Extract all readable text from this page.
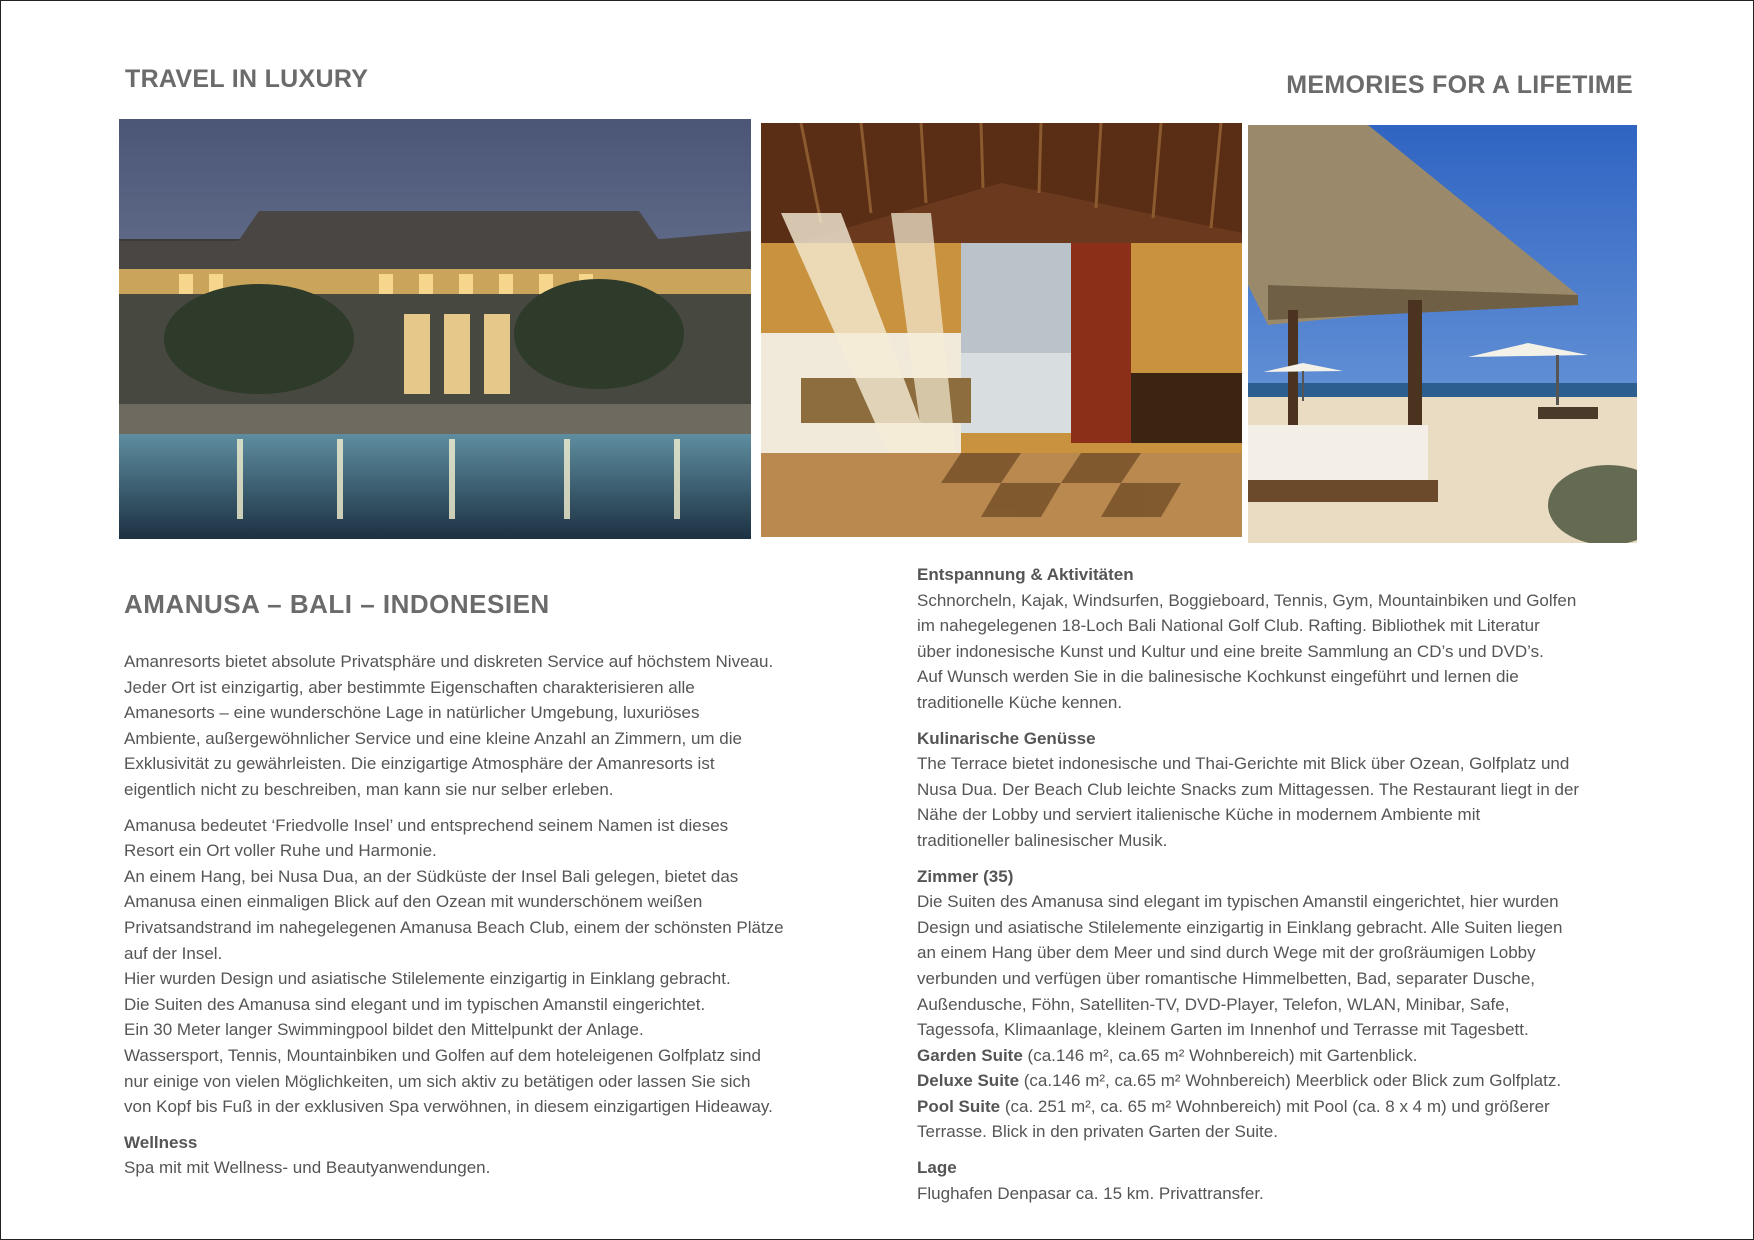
TRAVEL IN LUXURY	MEMORIES FOR A LIFETIME
AMANUSA – BALI – INDONESIEN

Amanresorts bietet absolute Privatsphäre und diskreten Service auf höchstem Niveau.

Jeder Ort ist einzigartig, aber bestimmte Eigenschaften charakterisieren alle

Amanesorts – eine wunderschöne Lage in natürlicher Umgebung, luxuriöses

Ambiente, außergewöhnlicher Service und eine kleine Anzahl an Zimmern, um die

Exklusivität zu gewährleisten. Die einzigartige Atmosphäre der Amanresorts ist

eigentlich nicht zu beschreiben, man kann sie nur selber erleben.

Amanusa bedeutet ‘Friedvolle Insel’ und entsprechend seinem Namen ist dieses

Resort ein Ort voller Ruhe und Harmonie.

An einem Hang, bei Nusa Dua, an der Südküste der Insel Bali gelegen, bietet das

Amanusa einen einmaligen Blick auf den Ozean mit wunderschönem weißen

Privatsandstrand im nahegelegenen Amanusa Beach Club, einem der schönsten Plätze

auf der Insel.

Hier wurden Design und asiatische Stilelemente einzigartig in Einklang gebracht.

Die Suiten des Amanusa sind elegant und im typischen Amanstil eingerichtet.

Ein 30 Meter langer Swimmingpool bildet den Mittelpunkt der Anlage.

Wassersport, Tennis, Mountainbiken und Golfen auf dem hoteleigenen Golfplatz sind

nur einige von vielen Möglichkeiten, um sich aktiv zu betätigen oder lassen Sie sich

von Kopf bis Fuß in der exklusiven Spa verwöhnen, in diesem einzigartigen Hideaway.

Wellness

Spa mit mit Wellness- und Beautyanwendungen.

Entspannung & Aktivitäten

Schnorcheln, Kajak, Windsurfen, Boggieboard, Tennis, Gym, Mountainbiken und Golfen

im nahegelegenen 18-Loch Bali National Golf Club. Rafting. Bibliothek mit Literatur

über indonesische Kunst und Kultur und eine breite Sammlung an CD’s und DVD’s.

Auf Wunsch werden Sie in die balinesische Kochkunst eingeführt und lernen die

traditionelle Küche kennen.

Kulinarische Genüsse

The Terrace bietet indonesische und Thai-Gerichte mit Blick über Ozean, Golfplatz und

Nusa Dua. Der Beach Club leichte Snacks zum Mittagessen. The Restaurant liegt in der

Nähe der Lobby und serviert italienische Küche in modernem Ambiente mit

traditioneller balinesischer Musik.

Zimmer (35)

Die Suiten des Amanusa sind elegant im typischen Amanstil eingerichtet, hier wurden

Design und asiatische Stilelemente einzigartig in Einklang gebracht. Alle Suiten liegen

an einem Hang über dem Meer und sind durch Wege mit der großräumigen Lobby

verbunden und verfügen über romantische Himmelbetten, Bad, separater Dusche,

Außendusche, Föhn, Satelliten-TV, DVD-Player, Telefon, WLAN, Minibar, Safe,

Tagessofa, Klimaanlage, kleinem Garten im Innenhof und Terrasse mit Tagesbett.

Garden Suite (ca.146 m², ca.65 m² Wohnbereich) mit Gartenblick.

Deluxe Suite (ca.146 m², ca.65 m² Wohnbereich) Meerblick oder Blick zum Golfplatz.

Pool Suite (ca. 251 m², ca. 65 m² Wohnbereich) mit Pool (ca. 8 x 4 m) und größerer

Terrasse. Blick in den privaten Garten der Suite.

Lage

Flughafen Denpasar ca. 15 km. Privattransfer.
